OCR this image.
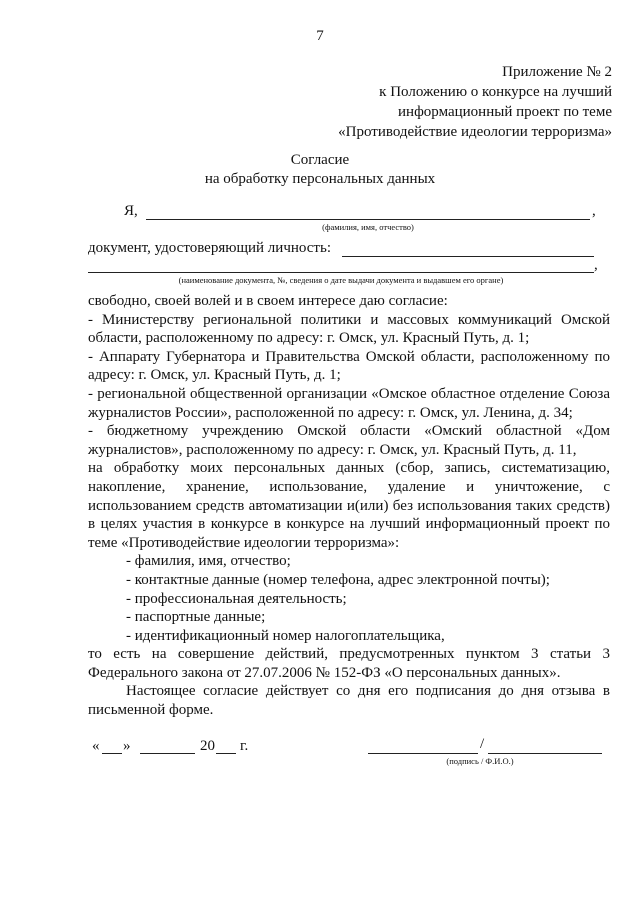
7
Приложение № 2
к Положению о конкурсе на лучший
информационный проект по теме
«Противодействие идеологии терроризма»
Согласие
на обработку персональных данных
Я,	,
(фамилия, имя, отчество)
документ, удостоверяющий личность:
,
(наименование документа, №, сведения о дате выдачи документа и выдавшем его органе)

свободно, своей волей и в своем интересе даю согласие:

- Министерству региональной политики и массовых коммуникаций Омской области, расположенному по адресу: г. Омск, ул. Красный Путь, д. 1;

- Аппарату Губернатора и Правительства Омской области, расположенному по адресу: г. Омск, ул. Красный Путь, д. 1;

- региональной общественной организации «Омское областное отделение Союза журналистов России», расположенной по адресу: г. Омск, ул. Ленина, д. 34;

- бюджетному учреждению Омской области «Омский областной «Дом журналистов», расположенному по адресу: г. Омск, ул. Красный Путь, д. 11,

на обработку моих персональных данных (сбор, запись, систематизацию, накопление, хранение, использование, удаление и уничтожение, с использованием средств автоматизации и(или) без использования таких средств) в целях участия в конкурсе в конкурсе на лучший информационный проект по теме «Противодействие идеологии терроризма»:

- фамилия, имя, отчество;
- контактные данные (номер телефона, адрес электронной почты);
- профессиональная деятельность;
- паспортные данные;
- идентификационный номер налогоплательщика,

то есть на совершение действий, предусмотренных пунктом 3 статьи 3 Федерального закона от 27.07.2006 № 152-ФЗ «О персональных данных».

Настоящее согласие действует со дня его подписания до дня отзыва в письменной форме.

« »	20 г.	/
(подпись / Ф.И.О.)
